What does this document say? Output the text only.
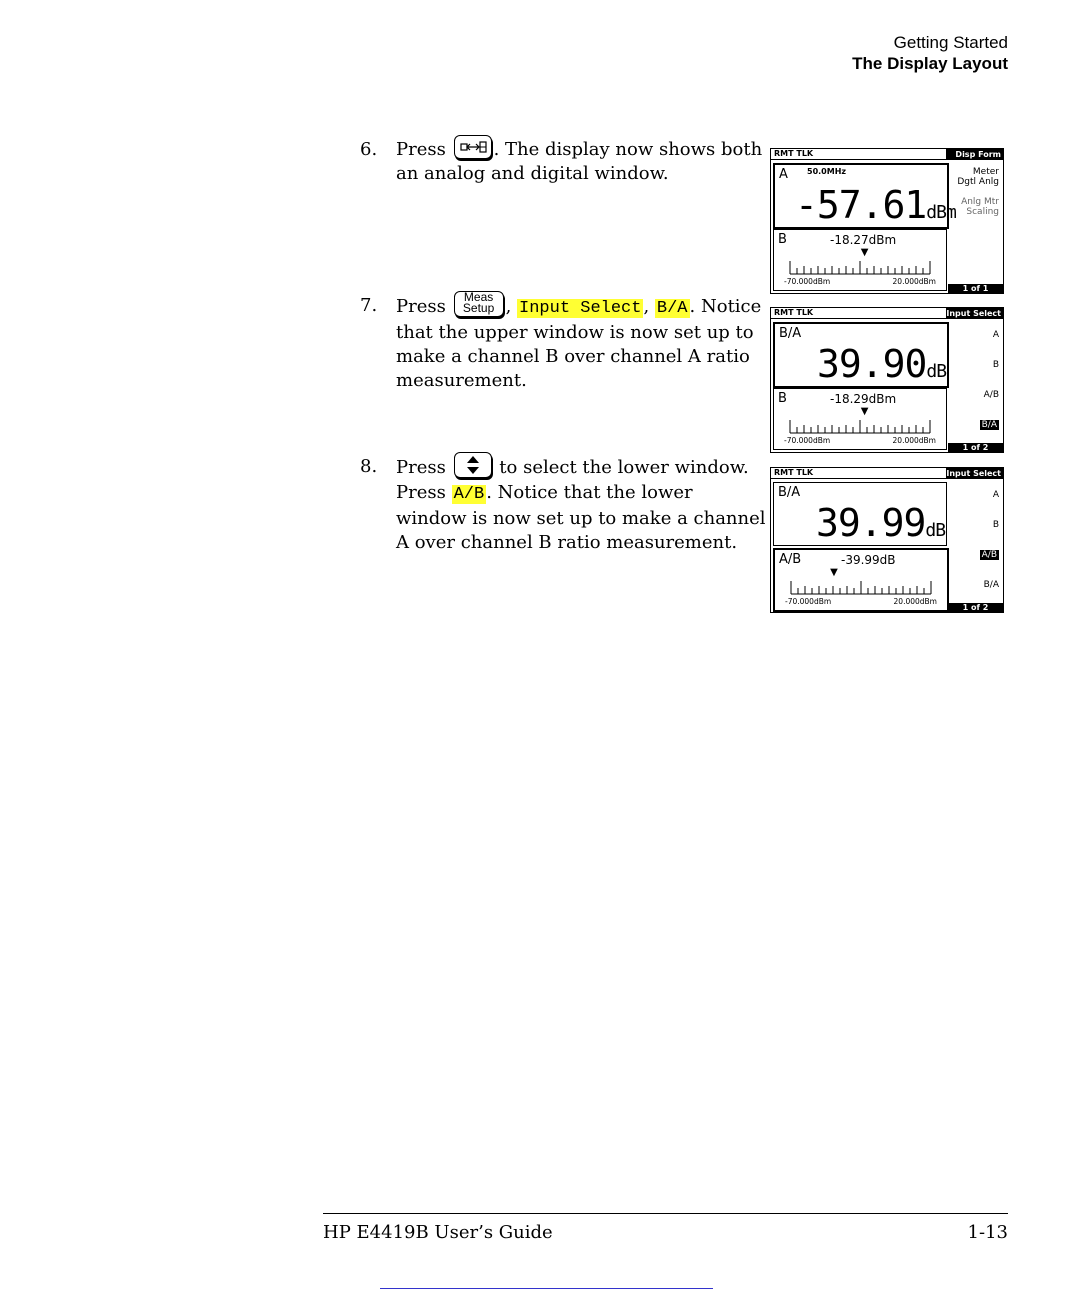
Getting Started
The Display Layout
6. Press . The display now shows both an analog and digital window.
7. Press	Meas
Setup , Input Select , B/A . Notice that the upper window is now set up to make a channel B over channel A ratio measurement.
8. Press  to select the lower window. Press A/B . Notice that the lower window is now set up to make a channel A over channel B ratio measurement.
RMT TLK	Disp Form
Meter
Dgtl Anlg
Anlg Mtr
Scaling
1 of 1
A 50.0MHz
-57.61dBm
B	-18.27dBm
▼
-70.000dBm	20.000dBm
RMT TLK	Input Select
A
B
A/B
B/A
1 of 2
B/A
39.90dB
B	-18.29dBm
▼
-70.000dBm	20.000dBm
RMT TLK	Input Select
A
B
A/B
B/A
1 of 2
B/A
39.99dB
A/B	-39.99dB
▼
-70.000dBm	20.000dBm
HP E4419B User’s Guide	1-13
